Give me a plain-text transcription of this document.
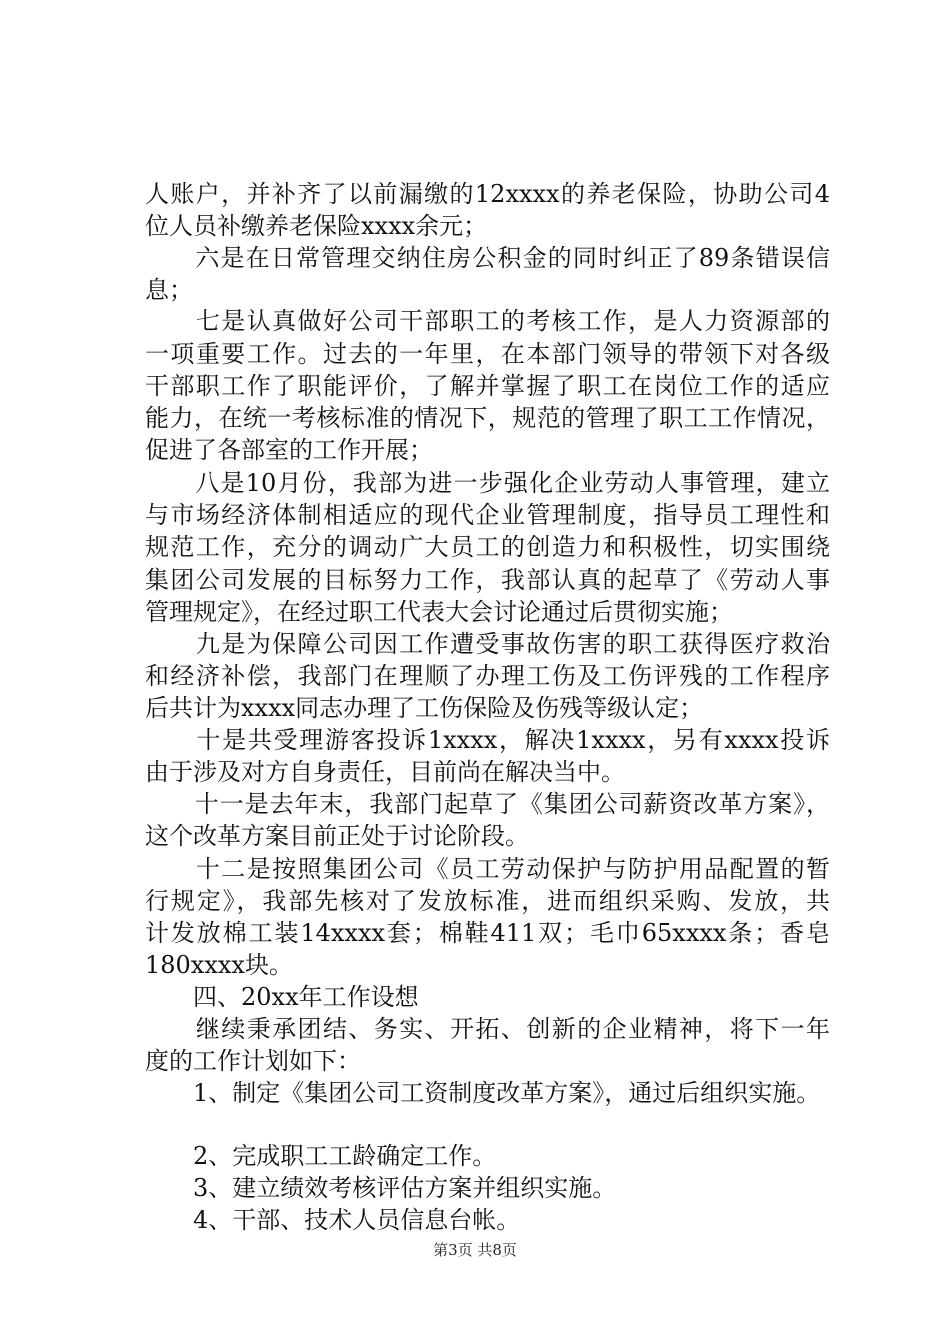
人账户，并补齐了以前漏缴的12xxxx的养老保险，协助公司4
位人员补缴养老保险xxxx余元；
　　六是在日常管理交纳住房公积金的同时纠正了89条错误信
息；
　　七是认真做好公司干部职工的考核工作，是人力资源部的
一项重要工作。过去的一年里，在本部门领导的带领下对各级
干部职工作了职能评价，了解并掌握了职工在岗位工作的适应
能力，在统一考核标准的情况下，规范的管理了职工工作情况，
促进了各部室的工作开展；
　　八是10月份，我部为进一步强化企业劳动人事管理，建立
与市场经济体制相适应的现代企业管理制度，指导员工理性和
规范工作，充分的调动广大员工的创造力和积极性，切实围绕
集团公司发展的目标努力工作，我部认真的起草了《劳动人事
管理规定》，在经过职工代表大会讨论通过后贯彻实施；
　　九是为保障公司因工作遭受事故伤害的职工获得医疗救治
和经济补偿，我部门在理顺了办理工伤及工伤评残的工作程序
后共计为xxxx同志办理了工伤保险及伤残等级认定；
　　十是共受理游客投诉1xxxx，解决1xxxx，另有xxxx投诉
由于涉及对方自身责任，目前尚在解决当中。
　　十一是去年末，我部门起草了《集团公司薪资改革方案》，
这个改革方案目前正处于讨论阶段。
　　十二是按照集团公司《员工劳动保护与防护用品配置的暂
行规定》，我部先核对了发放标准，进而组织采购、发放，共
计发放棉工装14xxxx套；棉鞋411双；毛巾65xxxx条；香皂
180xxxx块。
　　四、20xx年工作设想
　　继续秉承团结、务实、开拓、创新的企业精神，将下一年
度的工作计划如下：
　　1、制定《集团公司工资制度改革方案》，通过后组织实施。
　　2、完成职工工龄确定工作。
　　3、建立绩效考核评估方案并组织实施。
　　4、干部、技术人员信息台帐。
第3页 共8页
